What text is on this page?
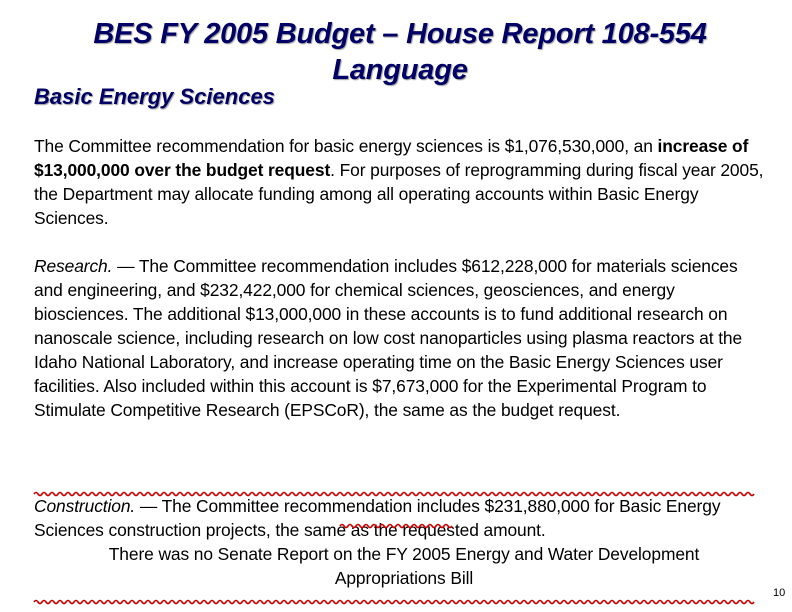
BES FY 2005 Budget – House Report 108-554 Language
Basic Energy Sciences
The Committee recommendation for basic energy sciences is $1,076,530,000, an increase of $13,000,000 over the budget request. For purposes of reprogramming during fiscal year 2005, the Department may allocate funding among all operating accounts within Basic Energy Sciences.
Research. — The Committee recommendation includes $612,228,000 for materials sciences and engineering, and $232,422,000 for chemical sciences, geosciences, and energy biosciences. The additional $13,000,000 in these accounts is to fund additional research on nanoscale science, including research on low cost nanoparticles using plasma reactors at the Idaho National Laboratory, and increase operating time on the Basic Energy Sciences user facilities. Also included within this account is $7,673,000 for the Experimental Program to Stimulate Competitive Research (EPSCoR), the same as the budget request.
Construction. — The Committee recommendation includes $231,880,000 for Basic Energy Sciences construction projects, the same as the requested amount.
There was no Senate Report on the FY 2005 Energy and Water Development
Appropriations Bill
10
